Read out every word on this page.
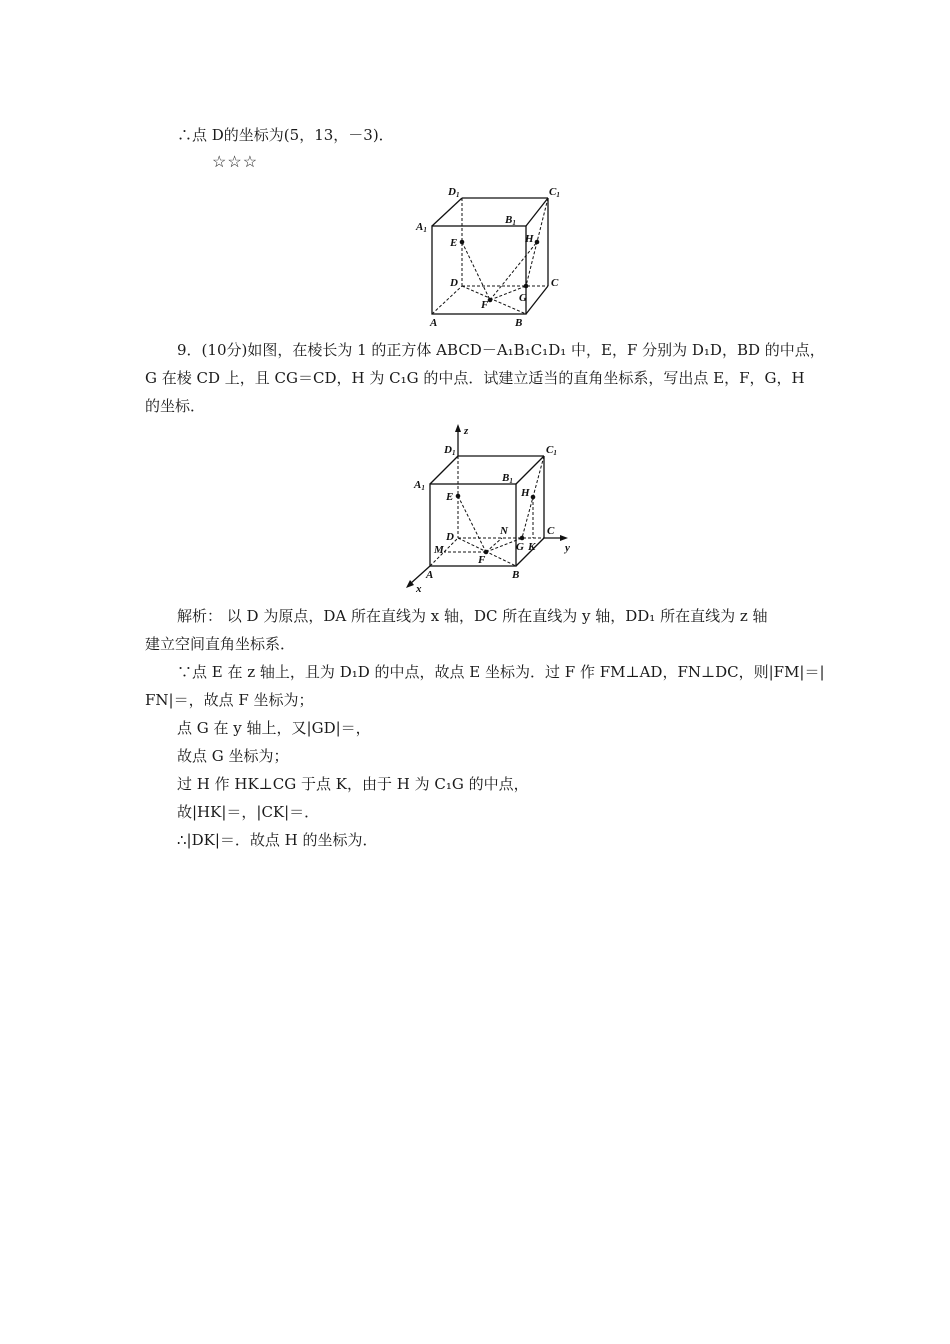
∴点 D的坐标为(5，13，－3)．
☆☆☆
D1	C1
A1
B1
E	H
D	C
G
F
A	B
9．(10分)如图，在棱长为 1 的正方体 ABCD－A₁B₁C₁D₁ 中，E，F 分别为 D₁D，BD 的中点，
G 在棱 CD 上，且 CG＝CD，H 为 C₁G 的中点．试建立适当的直角坐标系，写出点 E，F，G，H
的坐标．
z
y
x
D1	C1
A1
B1
E	H
N
D	C
M	G K
F
A	B
解析： 以 D 为原点，DA 所在直线为 x 轴，DC 所在直线为 y 轴，DD₁ 所在直线为 z 轴
建立空间直角坐标系．
∵点 E 在 z 轴上，且为 D₁D 的中点，故点 E 坐标为．过 F 作 FM⊥AD，FN⊥DC，则|FM|＝|
FN|＝，故点 F 坐标为；
点 G 在 y 轴上，又|GD|＝，
故点 G 坐标为；
过 H 作 HK⊥CG 于点 K，由于 H 为 C₁G 的中点，
故|HK|＝，|CK|＝．
∴|DK|＝．故点 H 的坐标为．
